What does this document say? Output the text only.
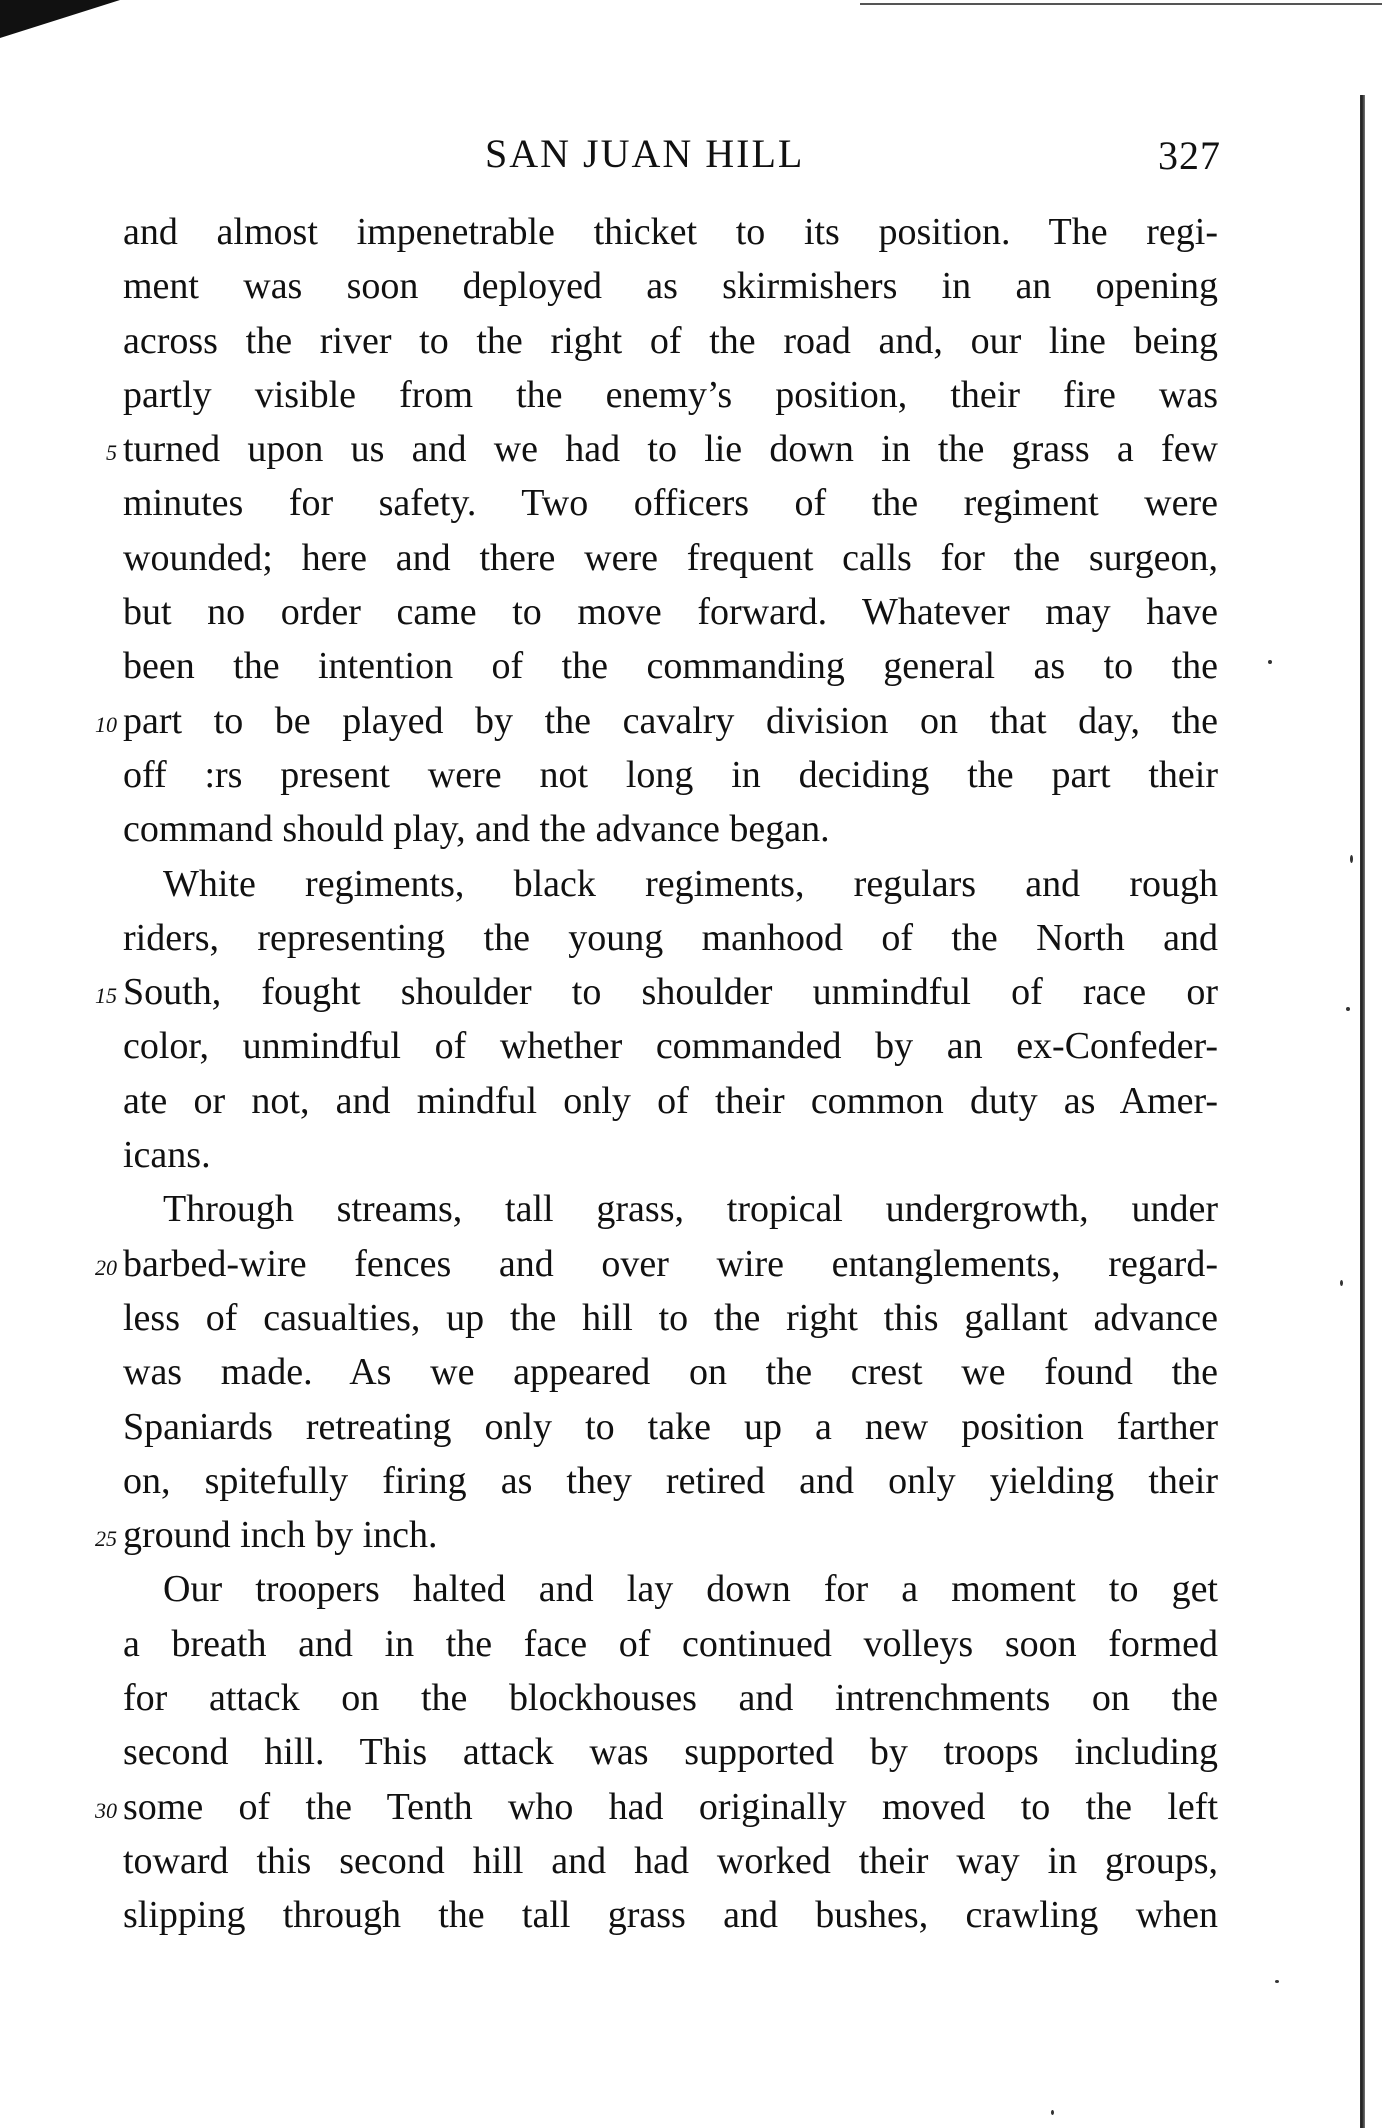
SAN JUAN HILL	327
and almost impenetrable thicket to its position. The regi-
ment was soon deployed as skirmishers in an opening
across the river to the right of the road and, our line being
partly visible from the enemy’s position, their fire was
5 turned upon us and we had to lie down in the grass a few
minutes for safety. Two officers of the regiment were
wounded; here and there were frequent calls for the surgeon,
but no order came to move forward. Whatever may have
been the intention of the commanding general as to the
10 part to be played by the cavalry division on that day, the
off :rs present were not long in deciding the part their
command should play, and the advance began.
White regiments, black regiments, regulars and rough
riders, representing the young manhood of the North and
15 South, fought shoulder to shoulder unmindful of race or
color, unmindful of whether commanded by an ex-Confeder-
ate or not, and mindful only of their common duty as Amer-
icans.
Through streams, tall grass, tropical undergrowth, under
20 barbed-wire fences and over wire entanglements, regard-
less of casualties, up the hill to the right this gallant advance
was made. As we appeared on the crest we found the
Spaniards retreating only to take up a new position farther
on, spitefully firing as they retired and only yielding their
25 ground inch by inch.
Our troopers halted and lay down for a moment to get
a breath and in the face of continued volleys soon formed
for attack on the blockhouses and intrenchments on the
second hill. This attack was supported by troops including
30 some of the Tenth who had originally moved to the left
toward this second hill and had worked their way in groups,
slipping through the tall grass and bushes, crawling when
